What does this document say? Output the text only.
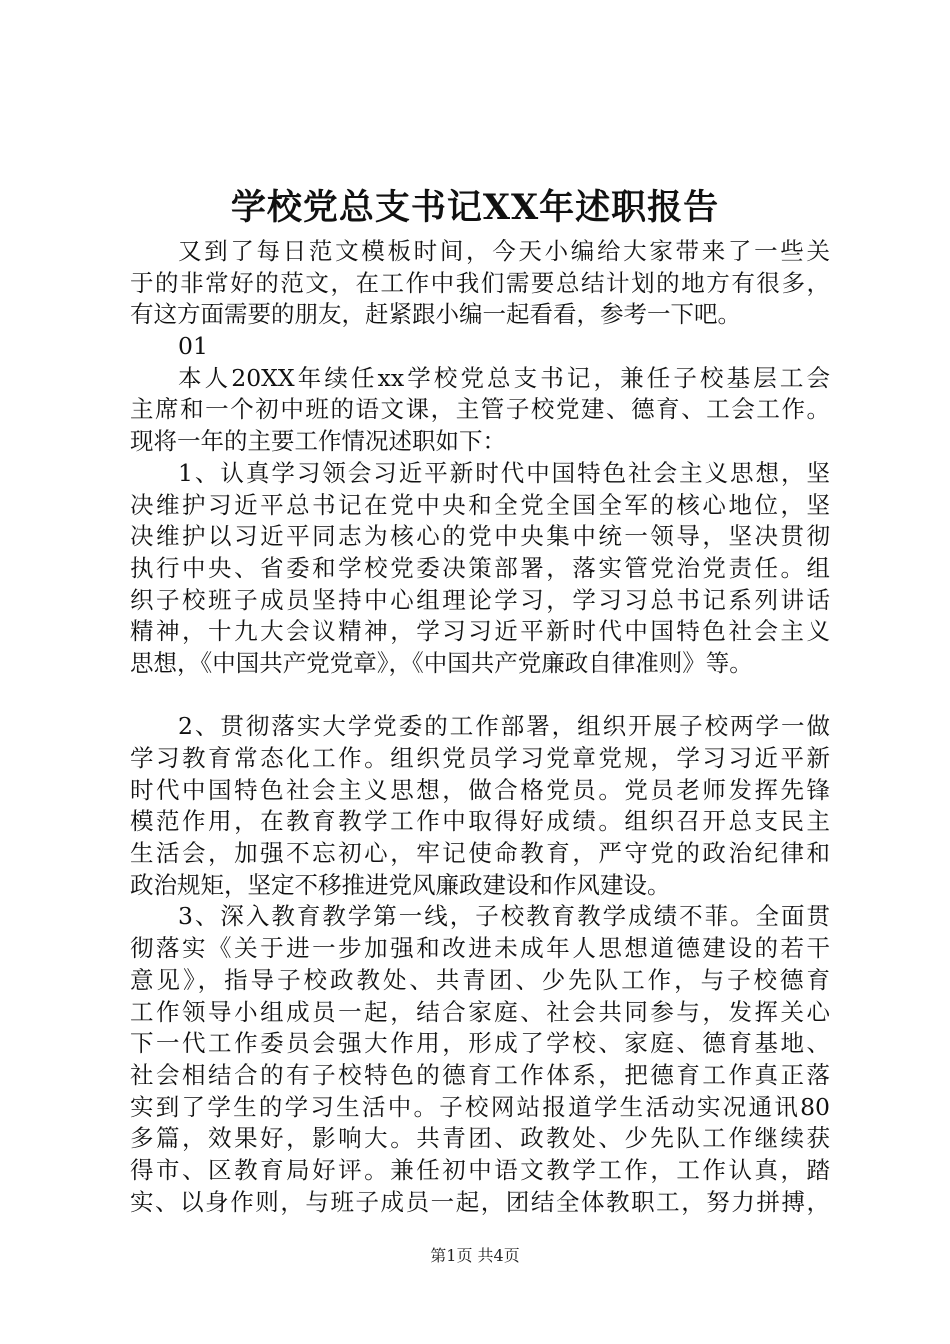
学校党总支书记XX年述职报告
又到了每日范文模板时间，今天小编给大家带来了一些关
于的非常好的范文，在工作中我们需要总结计划的地方有很多，
有这方面需要的朋友，赶紧跟小编一起看看，参考一下吧。
01
本人20XX年续任xx学校党总支书记，兼任子校基层工会
主席和一个初中班的语文课，主管子校党建、德育、工会工作。
现将一年的主要工作情况述职如下：
1、认真学习领会习近平新时代中国特色社会主义思想，坚
决维护习近平总书记在党中央和全党全国全军的核心地位，坚
决维护以习近平同志为核心的党中央集中统一领导，坚决贯彻
执行中央、省委和学校党委决策部署，落实管党治党责任。组
织子校班子成员坚持中心组理论学习，学习习总书记系列讲话
精神，十九大会议精神，学习习近平新时代中国特色社会主义
思想，《中国共产党党章》，《中国共产党廉政自律准则》等。
2、贯彻落实大学党委的工作部署，组织开展子校两学一做
学习教育常态化工作。组织党员学习党章党规，学习习近平新
时代中国特色社会主义思想，做合格党员。党员老师发挥先锋
模范作用，在教育教学工作中取得好成绩。组织召开总支民主
生活会，加强不忘初心，牢记使命教育，严守党的政治纪律和
政治规矩，坚定不移推进党风廉政建设和作风建设。
3、深入教育教学第一线，子校教育教学成绩不菲。全面贯
彻落实《关于进一步加强和改进未成年人思想道德建设的若干
意见》，指导子校政教处、共青团、少先队工作，与子校德育
工作领导小组成员一起，结合家庭、社会共同参与，发挥关心
下一代工作委员会强大作用，形成了学校、家庭、德育基地、
社会相结合的有子校特色的德育工作体系，把德育工作真正落
实到了学生的学习生活中。子校网站报道学生活动实况通讯80
多篇，效果好，影响大。共青团、政教处、少先队工作继续获
得市、区教育局好评。兼任初中语文教学工作，工作认真，踏
实、以身作则，与班子成员一起，团结全体教职工，努力拼搏，
第1页 共4页
